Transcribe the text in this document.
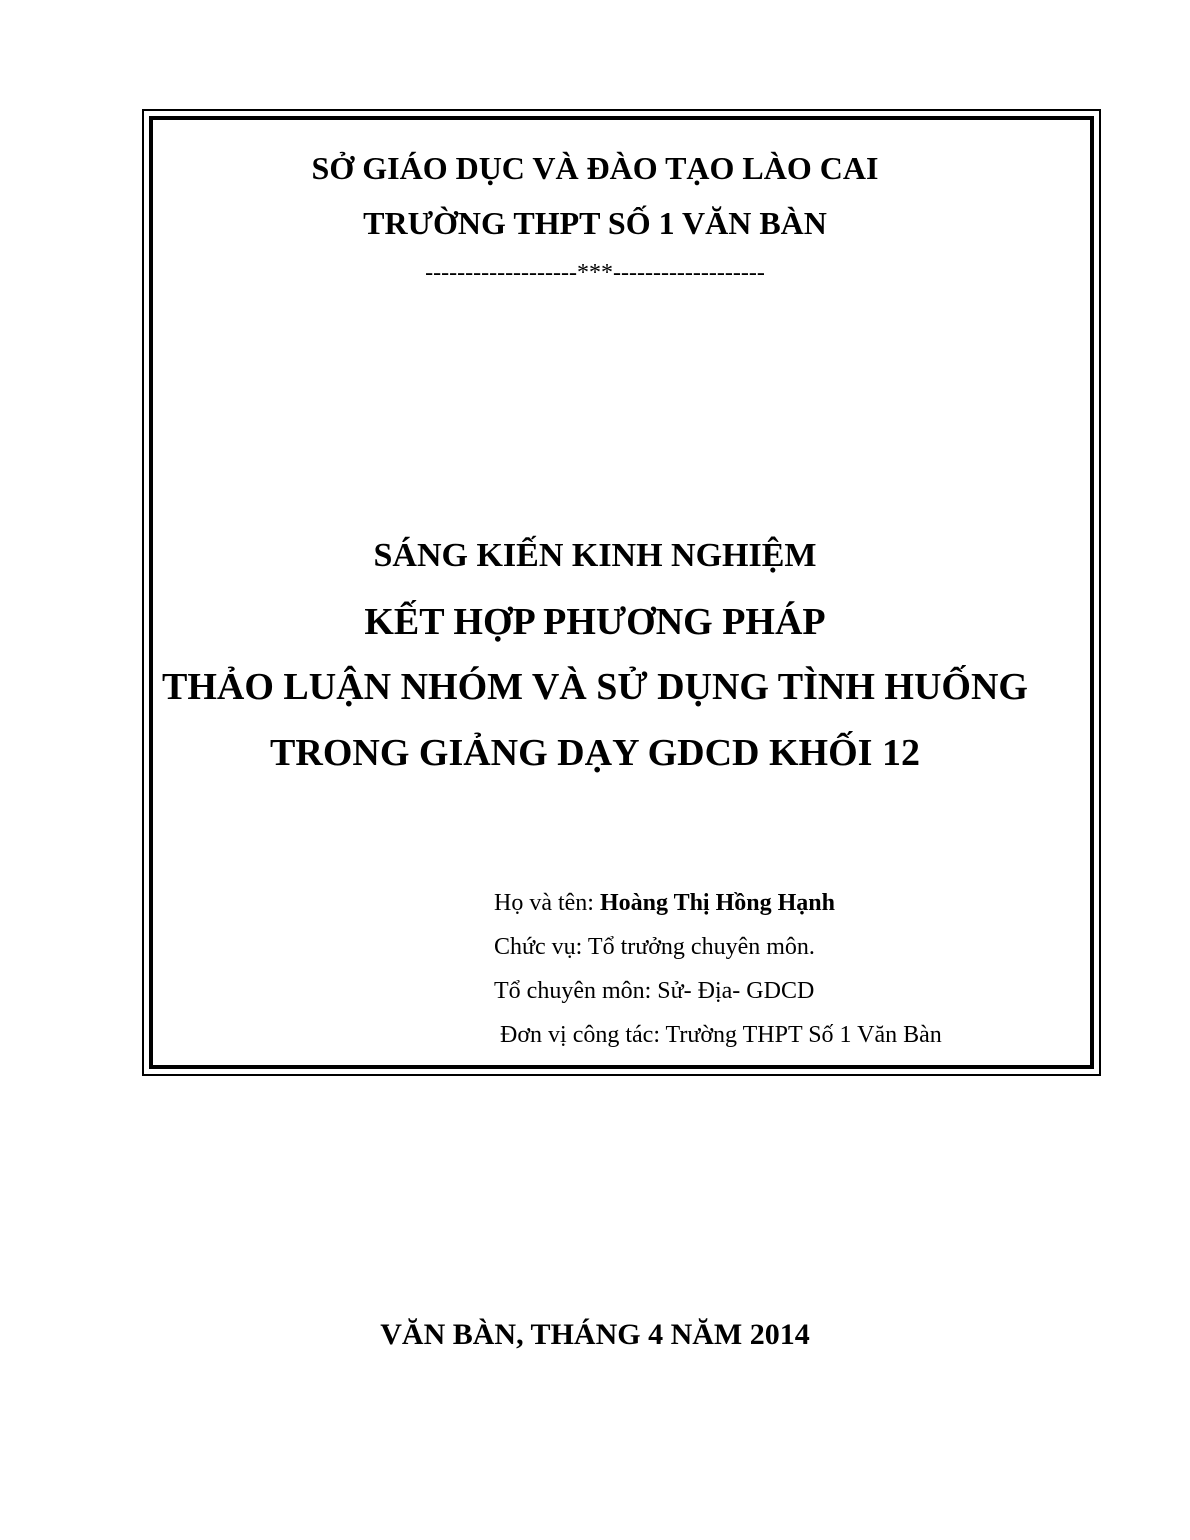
SỞ GIÁO DỤC VÀ ĐÀO TẠO LÀO CAI
TRƯỜNG THPT SỐ 1 VĂN BÀN
-------------------***-------------------
SÁNG KIẾN KINH NGHIỆM
KẾT HỢP PHƯƠNG PHÁP
THẢO LUẬN NHÓM VÀ SỬ DỤNG TÌNH HUỐNG
TRONG GIẢNG DẠY GDCD KHỐI 12
Họ và tên: Hoàng Thị Hồng Hạnh
Chức vụ: Tổ trưởng chuyên môn.
Tổ chuyên môn: Sử- Địa- GDCD
Đơn vị công tác: Trường THPT Số 1 Văn Bàn
VĂN BÀN, THÁNG 4 NĂM 2014
